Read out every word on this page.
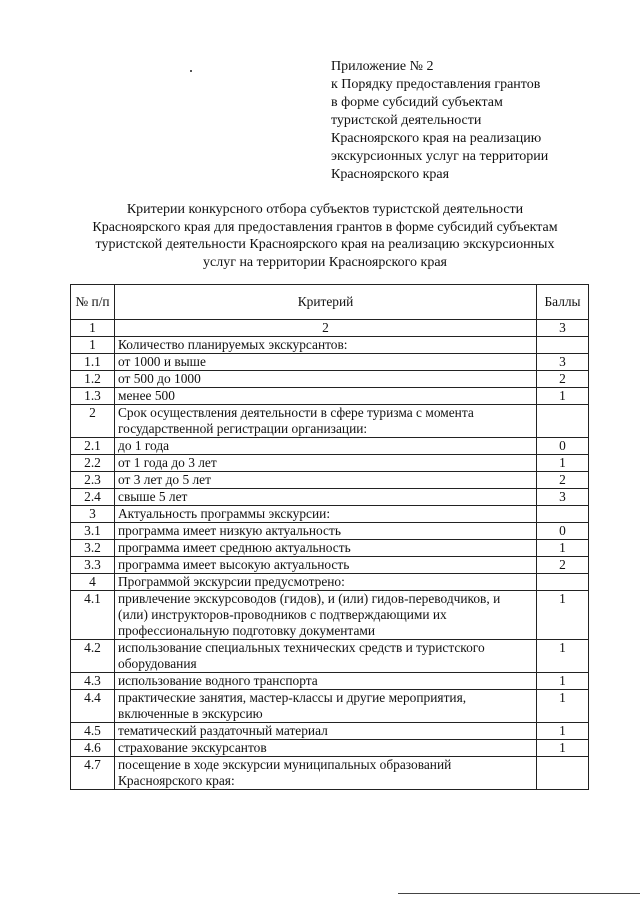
Приложение № 2
к Порядку предоставления грантов
в форме субсидий субъектам
туристской деятельности
Красноярского края на реализацию
экскурсионных услуг на территории
Красноярского края
Критерии конкурсного отбора субъектов туристской деятельности
Красноярского края для предоставления грантов в форме субсидий субъектам
туристской деятельности Красноярского края на реализацию экскурсионных
услуг на территории Красноярского края
№ п/п	Критерий	Баллы
1	2	3
1	Количество планируемых экскурсантов:	
1.1	от 1000 и выше	3
1.2	от 500 до 1000	2
1.3	менее 500	1
2	Срок осуществления деятельности в сфере туризма с момента государственной регистрации организации:	
2.1	до 1 года	0
2.2	от 1 года до 3 лет	1
2.3	от 3 лет до 5 лет	2
2.4	свыше 5 лет	3
3	Актуальность программы экскурсии:	
3.1	программа имеет низкую актуальность	0
3.2	программа имеет среднюю актуальность	1
3.3	программа имеет высокую актуальность	2
4	Программой экскурсии предусмотрено:	
4.1	привлечение экскурсоводов (гидов), и (или) гидов-переводчиков, и (или) инструкторов-проводников с подтверждающими их профессиональную подготовку документами	1
4.2	использование специальных технических средств и туристского оборудования	1
4.3	использование водного транспорта	1
4.4	практические занятия, мастер-классы и другие мероприятия, включенные в экскурсию	1
4.5	тематический раздаточный материал	1
4.6	страхование экскурсантов	1
4.7	посещение в ходе экскурсии муниципальных образований Красноярского края:	
